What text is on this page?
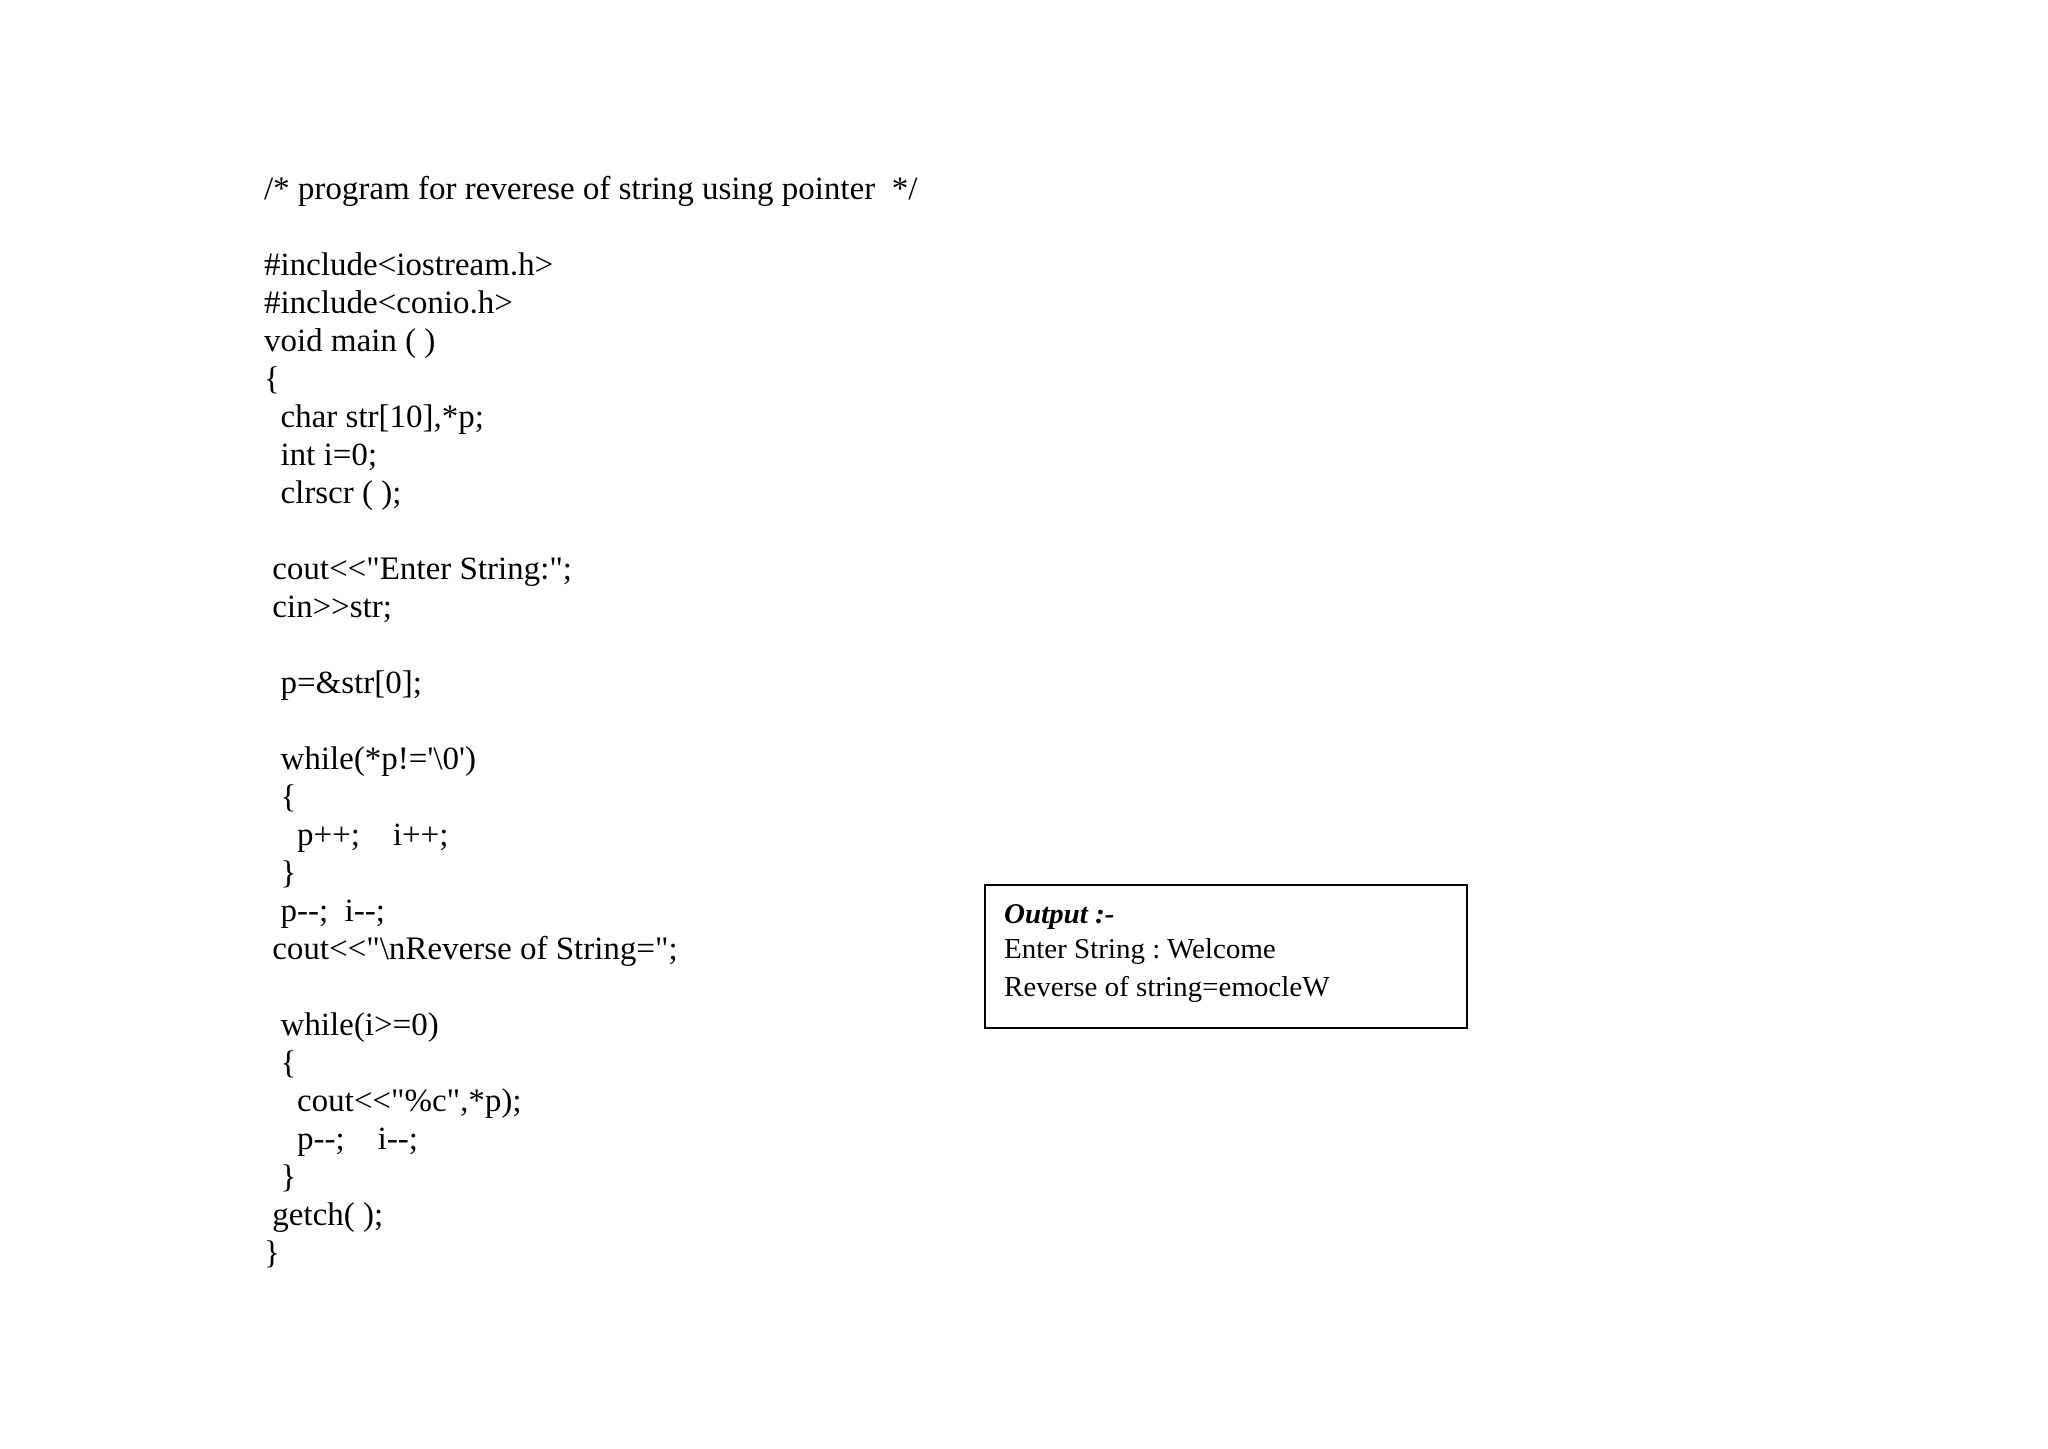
/* program for reverese of string using pointer  */
#include<iostream.h>
#include<conio.h>
void main ( )
{
char str[10],*p;
int i=0;
clrscr ( );
cout<<"Enter String:";
cin>>str;
p=&str[0];
while(*p!='\0')
{
p++;    i++;
}
p--;  i--;
cout<<"\nReverse of String=";
while(i>=0)
{
cout<<"%c",*p);
p--;    i--;
}
getch( );
}
Output :-
Enter String : Welcome
Reverse of string=emocleW
